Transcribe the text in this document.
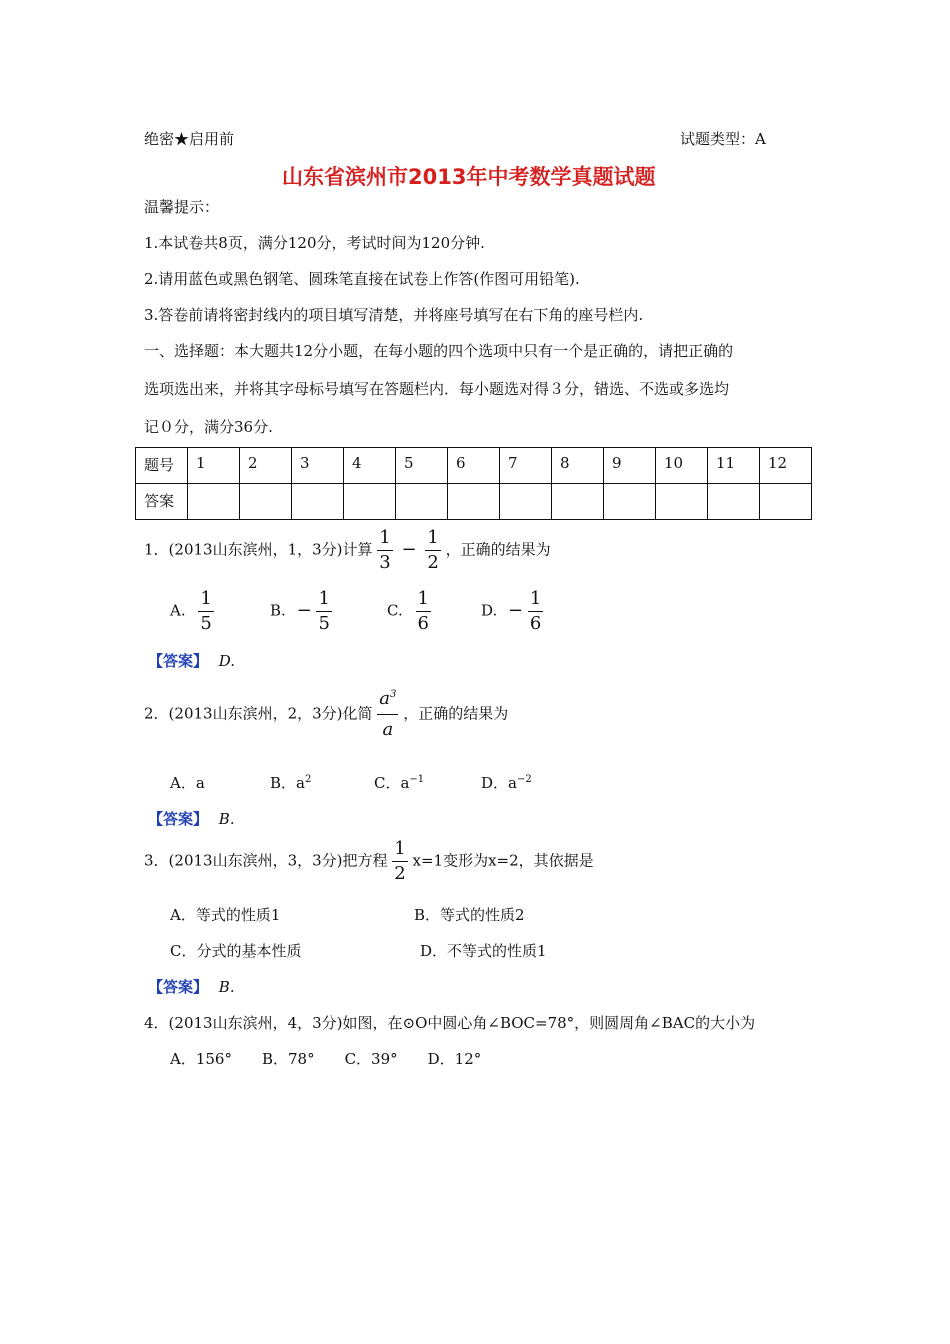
绝密★启用前	试题类型：A
山东省滨州市2013年中考数学真题试题
温馨提示：
1.本试卷共8页，满分120分，考试时间为120分钟.
2.请用蓝色或黑色钢笔、圆珠笔直接在试卷上作答(作图可用铅笔).
3.答卷前请将密封线内的项目填写清楚，并将座号填写在右下角的座号栏内.
一、选择题：本大题共12分小题，在每小题的四个选项中只有一个是正确的，请把正确的
选项选出来，并将其字母标号填写在答题栏内．每小题选对得３分，错选、不选或多选均
记０分，满分36分.
题号	1	2	3	4	5	6	7	8	9	10	11	12
答案												
1．(2013山东滨州，1，3分)计算 $\frac{1}{3} - \frac{1}{2}$ ，正确的结果为
A. $\frac{1}{5}$	B. − $\frac{1}{5}$	C. $\frac{1}{6}$	D. − $\frac{1}{6}$
【答案】 D.
2．(2013山东滨州，2，3分)化简 $\frac{a^3}{a}$ ，正确的结果为
A．a	B．$a^2$	C．$a^{-1}$	D．$a^{-2}$
【答案】 B.
3．(2013山东滨州，3，3分)把方程 $\frac{1}{2} x=1$变形为x=2，其依据是
A．等式的性质1	B．等式的性质2
C．分式的基本性质	D．不等式的性质1
【答案】 B.
4．(2013山东滨州，4，3分)如图，在⊙O中圆心角∠BOC=78°，则圆周角∠BAC的大小为
A．156°　　B．78°　　C．39°　　D．12°
